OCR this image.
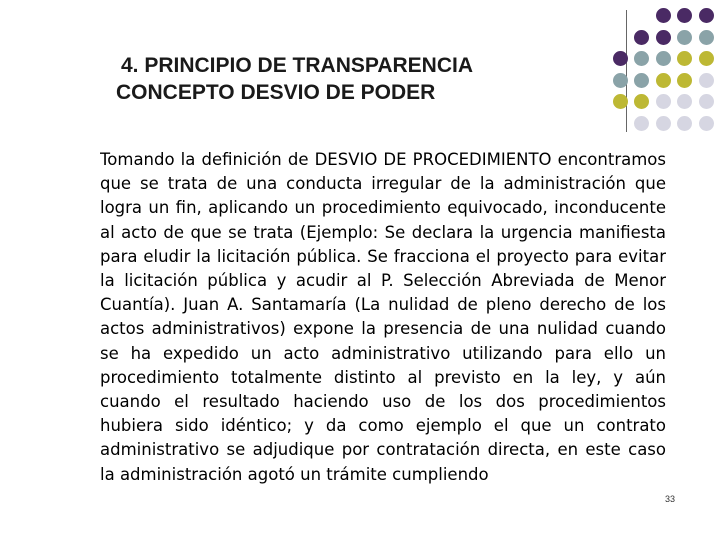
4. PRINCIPIO DE TRANSPARENCIA
CONCEPTO DESVIO DE PODER
Tomando la definición de DESVIO DE PROCEDIMIENTO encontramos que se trata de una conducta irregular de la administración que logra un fin, aplicando un procedimiento equivocado, inconducente al acto de que se trata (Ejemplo: Se declara la urgencia manifiesta para eludir la licitación pública. Se fracciona el proyecto para evitar la licitación pública y acudir al P. Selección Abreviada de Menor Cuantía). Juan A. Santamaría (La nulidad de pleno derecho de los actos administrativos) expone la presencia de una nulidad cuando se ha expedido un acto administrativo utilizando para ello un procedimiento totalmente distinto al previsto en la ley, y aún cuando el resultado haciendo uso de los dos procedimientos hubiera sido idéntico; y da como ejemplo el que un contrato administrativo se adjudique por contratación directa, en este caso la administración agotó un trámite cumpliendo
33
